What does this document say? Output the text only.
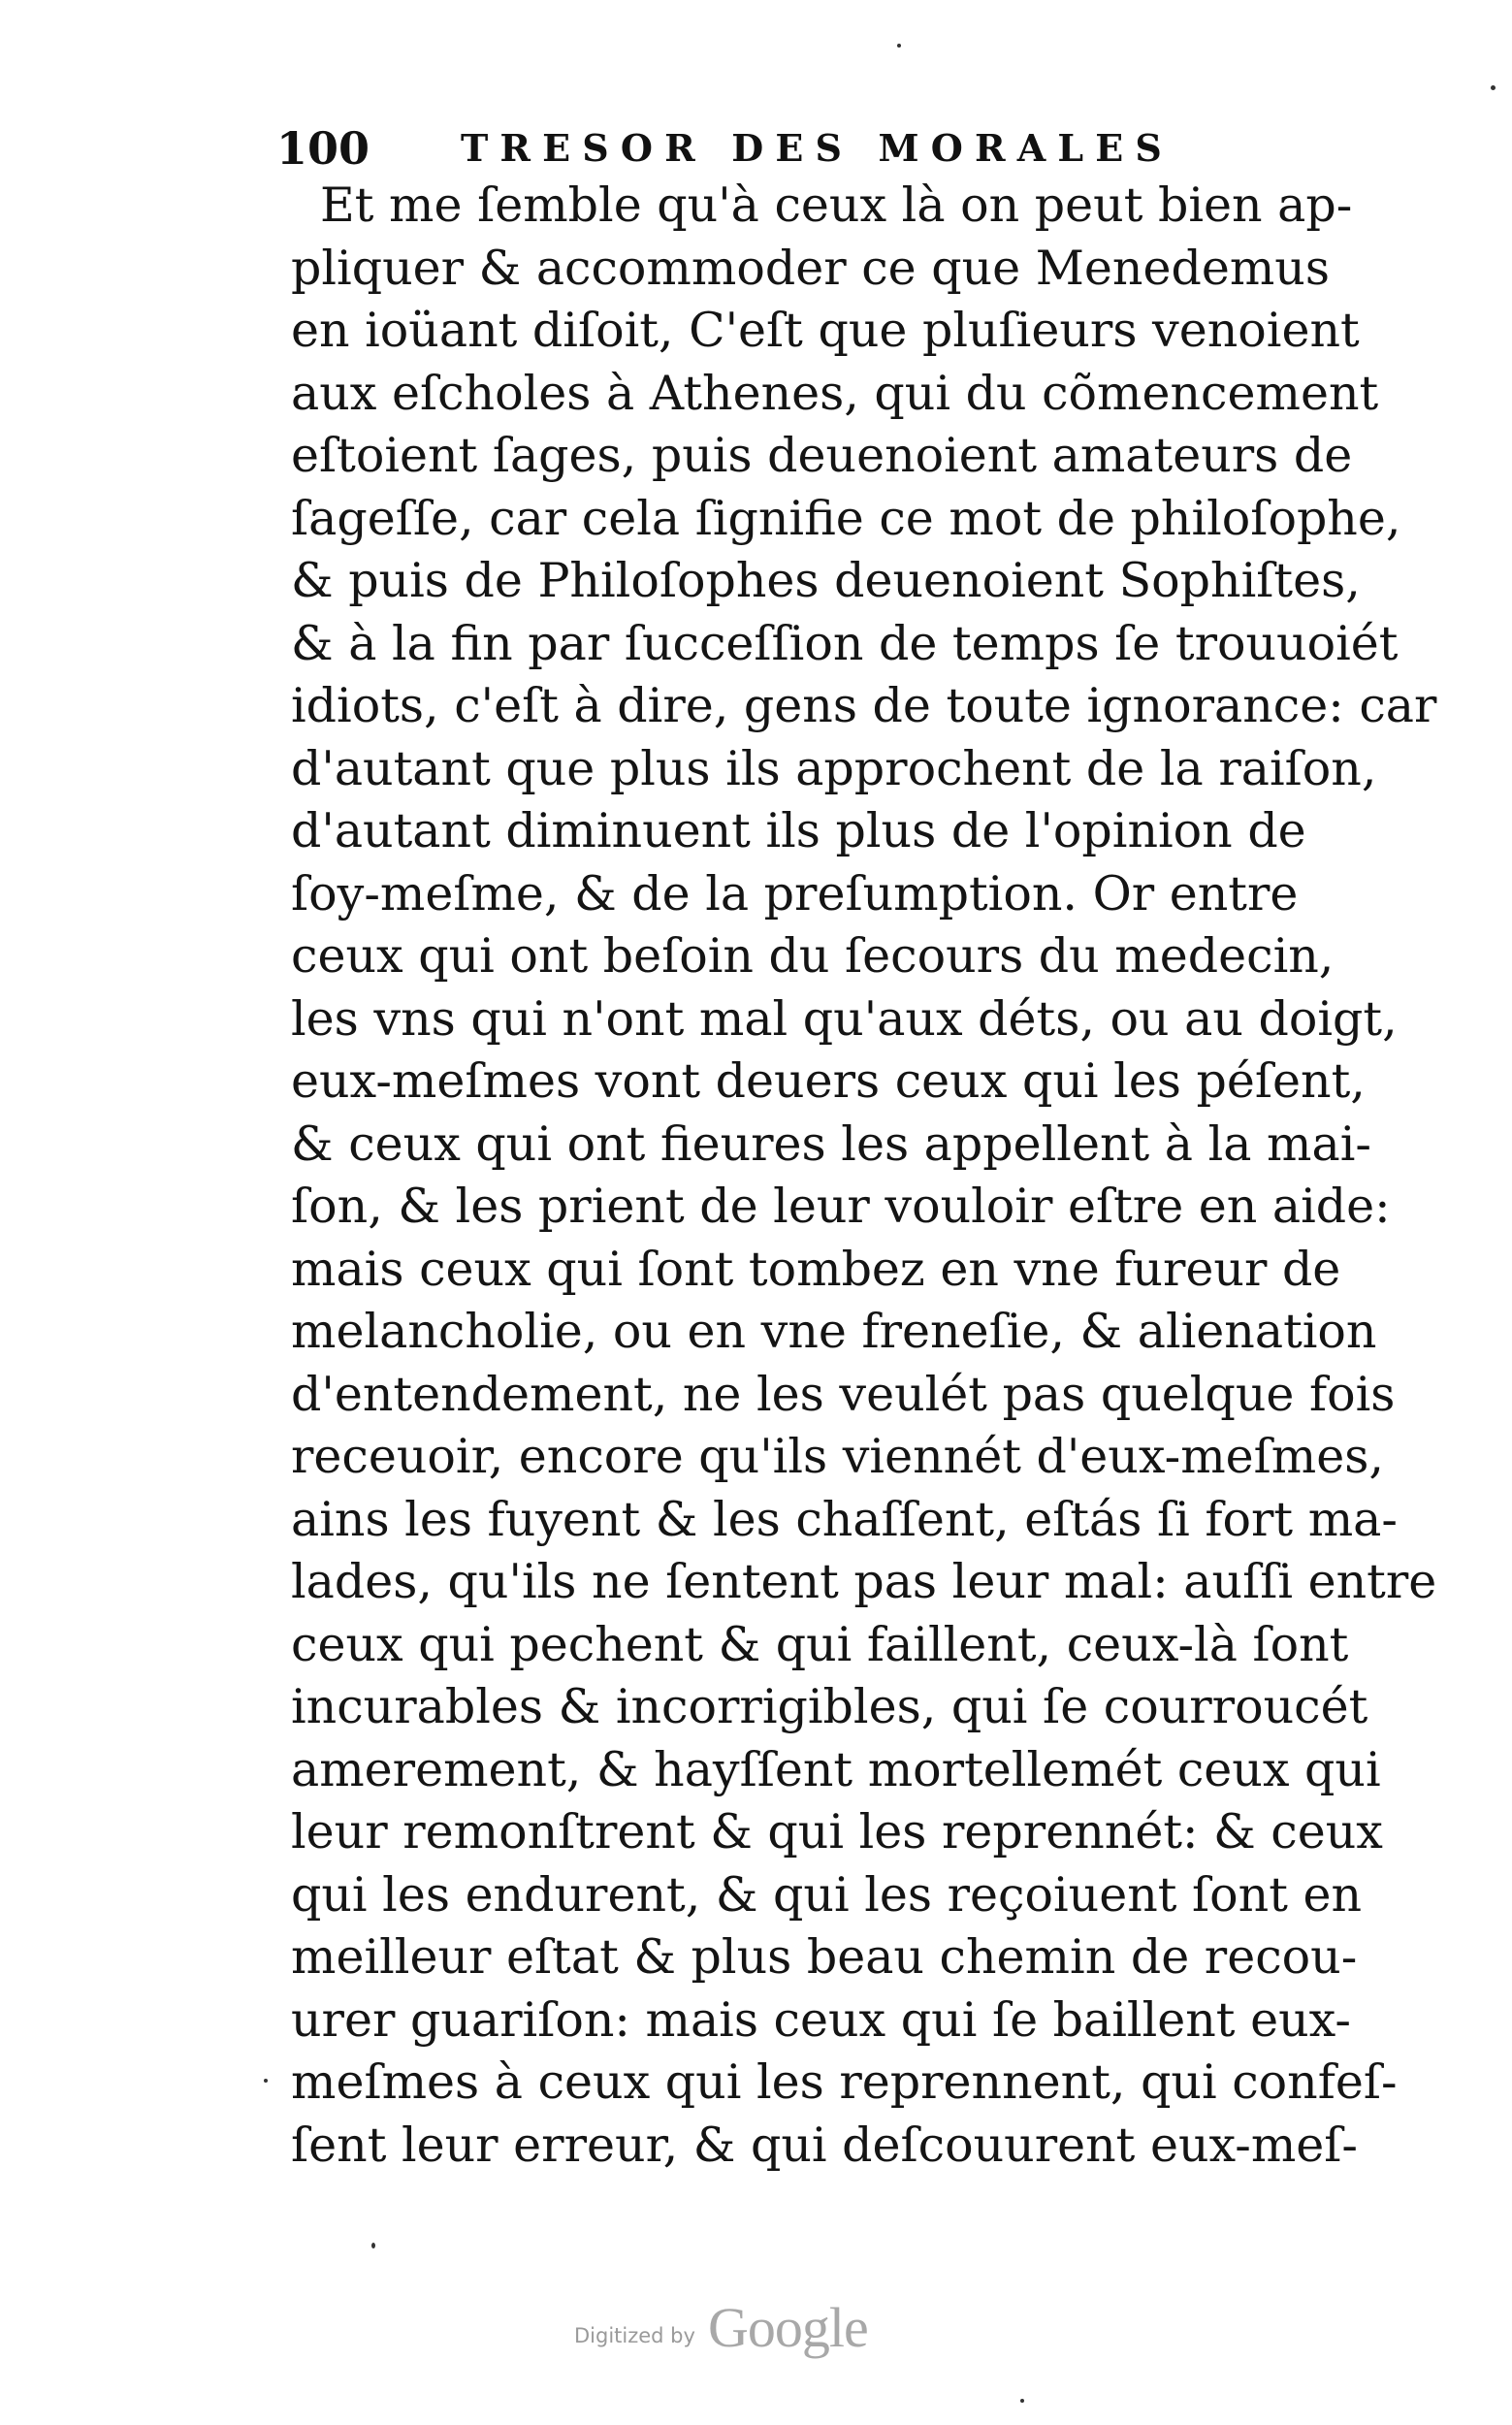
100 TRESOR DES MORALES
Et me ſemble qu'à ceux là on peut bien ap-
pliquer & accommoder ce que Menedemus
en ioüant diſoit, C'eſt que pluſieurs venoient
aux eſcholes à Athenes, qui du cõmencement
eſtoient ſages, puis deuenoient amateurs de
ſageſſe, car cela ſignifie ce mot de philoſophe,
& puis de Philoſophes deuenoient Sophiſtes,
& à la fin par ſucceſſion de temps ſe trouuoiét
idiots, c'eſt à dire, gens de toute ignorance: car
d'autant que plus ils approchent de la raiſon,
d'autant diminuent ils plus de l'opinion de
ſoy-meſme, & de la preſumption. Or entre
ceux qui ont beſoin du ſecours du medecin,
les vns qui n'ont mal qu'aux déts, ou au doigt,
eux-meſmes vont deuers ceux qui les péſent,
& ceux qui ont fieures les appellent à la mai-
ſon, & les prient de leur vouloir eſtre en aide:
mais ceux qui ſont tombez en vne fureur de
melancholie, ou en vne freneſie, & alienation
d'entendement, ne les veulét pas quelque fois
receuoir, encore qu'ils viennét d'eux-meſmes,
ains les fuyent & les chaſſent, eſtás ſi fort ma-
lades, qu'ils ne ſentent pas leur mal: auſſi entre
ceux qui pechent & qui faillent, ceux-là ſont
incurables & incorrigibles, qui ſe courroucét
amerement, & hayſſent mortellemét ceux qui
leur remonſtrent & qui les reprennét: & ceux
qui les endurent, & qui les reçoiuent ſont en
meilleur eſtat & plus beau chemin de recou-
urer guariſon: mais ceux qui ſe baillent eux-
meſmes à ceux qui les reprennent, qui confeſ-
ſent leur erreur, & qui deſcouurent eux-meſ-
Digitized by Google
